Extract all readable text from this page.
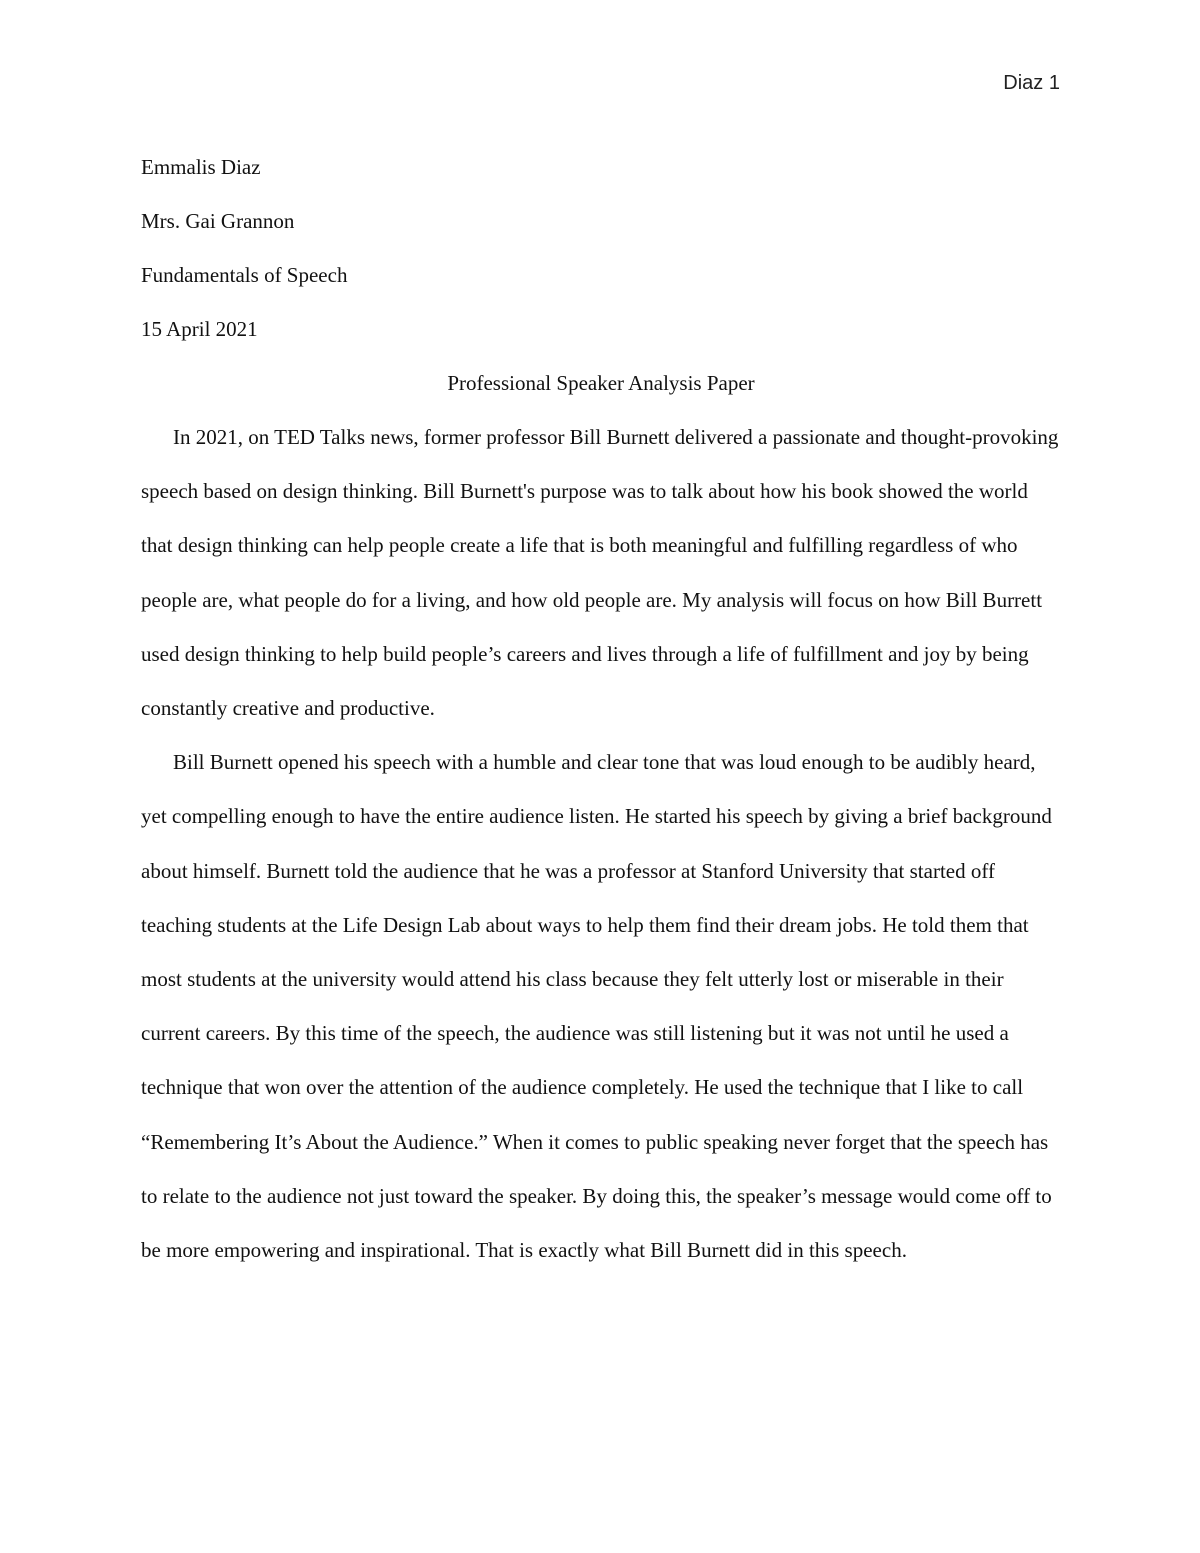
Diaz 1

Emmalis Diaz

Mrs. Gai Grannon

Fundamentals of Speech

15 April 2021

Professional Speaker Analysis Paper

In 2021, on TED Talks news, former professor Bill Burnett delivered a passionate and thought-provoking speech based on design thinking. Bill Burnett's purpose was to talk about how his book showed the world that design thinking can help people create a life that is both meaningful and fulfilling regardless of who people are, what people do for a living, and how old people are. My analysis will focus on how Bill Burrett used design thinking to help build people’s careers and lives through a life of fulfillment and joy by being constantly creative and productive.

Bill Burnett opened his speech with a humble and clear tone that was loud enough to be audibly heard, yet compelling enough to have the entire audience listen. He started his speech by giving a brief background about himself. Burnett told the audience that he was a professor at Stanford University that started off teaching students at the Life Design Lab about ways to help them find their dream jobs. He told them that most students at the university would attend his class because they felt utterly lost or miserable in their current careers. By this time of the speech, the audience was still listening but it was not until he used a technique that won over the attention of the audience completely. He used the technique that I like to call “Remembering It’s About the Audience.” When it comes to public speaking never forget that the speech has to relate to the audience not just toward the speaker. By doing this, the speaker’s message would come off to be more empowering and inspirational. That is exactly what Bill Burnett did in this speech.
